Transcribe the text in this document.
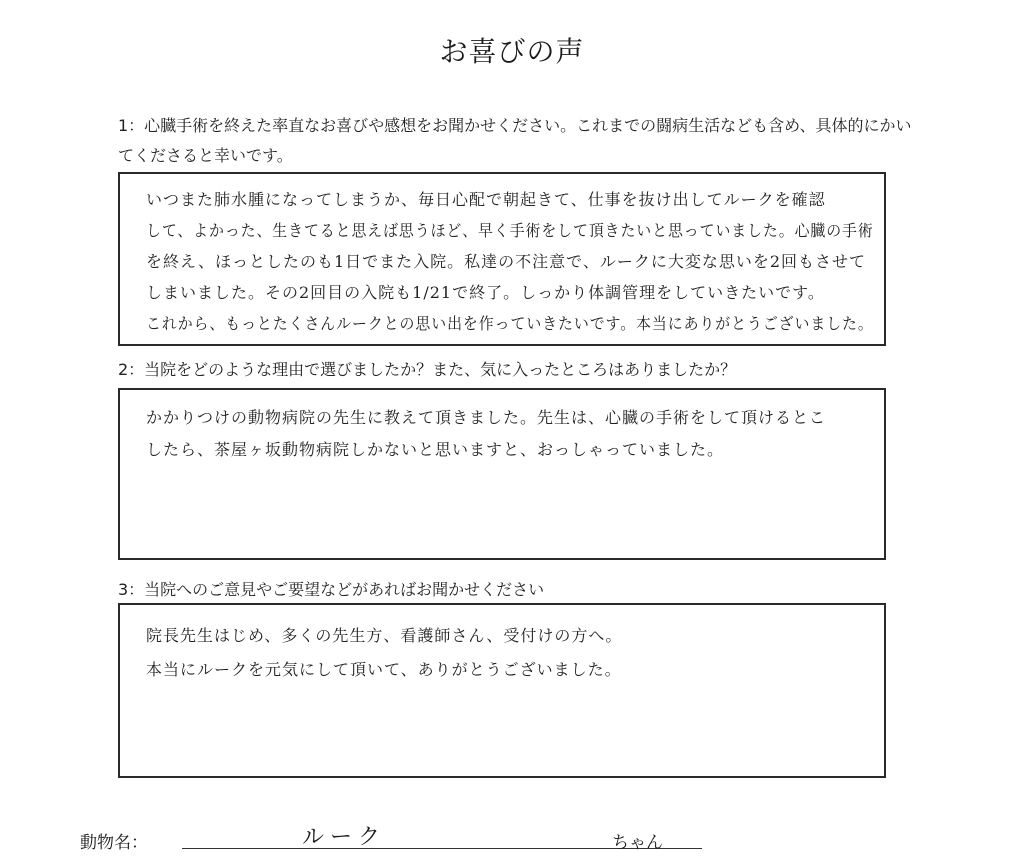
お喜びの声

1：心臓手術を終えた率直なお喜びや感想をお聞かせください。これまでの闘病生活なども含め、具体的にかいてくださると幸いです。

いつまた肺水腫になってしまうか、毎日心配で朝起きて、仕事を抜け出してルークを確認
して、よかった、生きてると思えば思うほど、早く手術をして頂きたいと思っていました。心臓の手術
を終え、ほっとしたのも1日でまた入院。私達の不注意で、ルークに大変な思いを2回もさせて
しまいました。その2回目の入院も1/21で終了。しっかり体調管理をしていきたいです。
これから、もっとたくさんルークとの思い出を作っていきたいです。本当にありがとうございました。

2：当院をどのような理由で選びましたか？また、気に入ったところはありましたか？

かかりつけの動物病院の先生に教えて頂きました。先生は、心臓の手術をして頂けるとこ
したら、茶屋ヶ坂動物病院しかないと思いますと、おっしゃっていました。

3：当院へのご意見やご要望などがあればお聞かせください

院長先生はじめ、多くの先生方、看護師さん、受付けの方へ。
本当にルークを元気にして頂いて、ありがとうございました。
動物名：	ルーク	ちゃん
